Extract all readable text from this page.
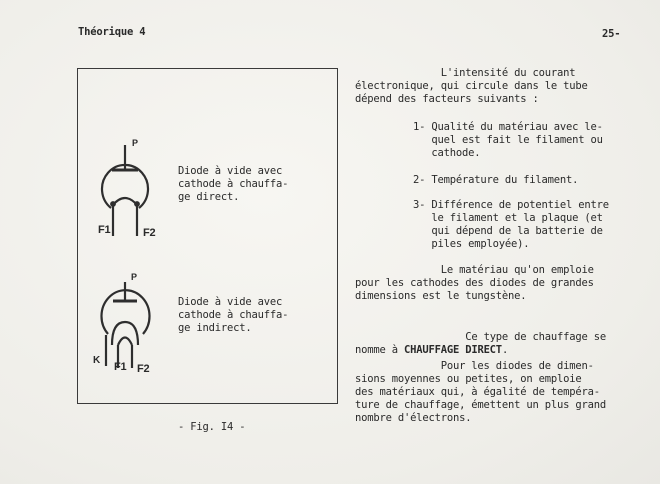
Théorique 4	25-
P
F1	F2
P
K
F1 F2
Diode à vide avec
cathode à chauffa-
ge direct.
Diode à vide avec
cathode à chauffa-
ge indirect.
- Fig. I4 -
L'intensité du courant
électronique, qui circule dans le tube
dépend des facteurs suivants :
1- Qualité du matériau avec le-
quel est fait le filament ou
cathode.
2- Température du filament.
3- Différence de potentiel entre
le filament et la plaque (et
qui dépend de la batterie de
piles employée).
Le matériau qu'on emploie
pour les cathodes des diodes de grandes
dimensions est le tungstène.

Ce type de chauffage se
nomme à CHAUFFAGE DIRECT.

Pour les diodes de dimen-
sions moyennes ou petites, on emploie
des matériaux qui, à égalité de tempéra-
ture de chauffage, émettent un plus grand
nombre d'électrons.
